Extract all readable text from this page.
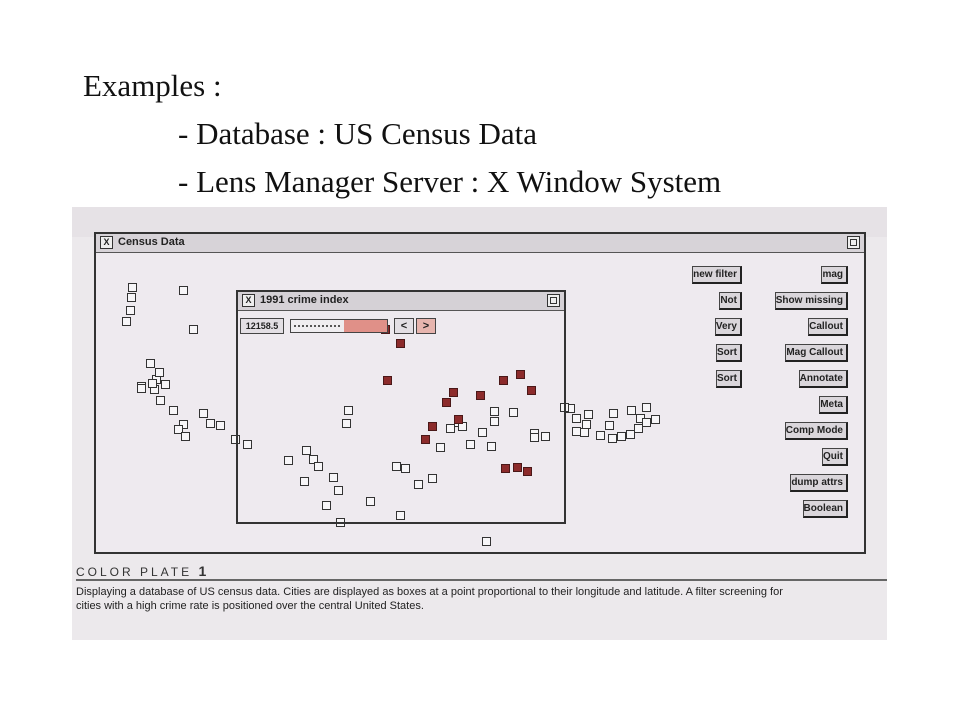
Examples :
- Database : US Census Data
- Lens Manager Server : X Window System
X Census Data
X 1991 crime index
12158.5	<	>
new filter
Not
Very
Sort
Sort
mag
Show missing
Callout
Mag Callout
Annotate
Meta
Comp Mode
Quit
dump attrs
Boolean
COLOR PLATE 1
Displaying a database of US census data. Cities are displayed as boxes at a point proportional to their longitude and latitude. A filter screening for cities with a high crime rate is positioned over the central United States.
